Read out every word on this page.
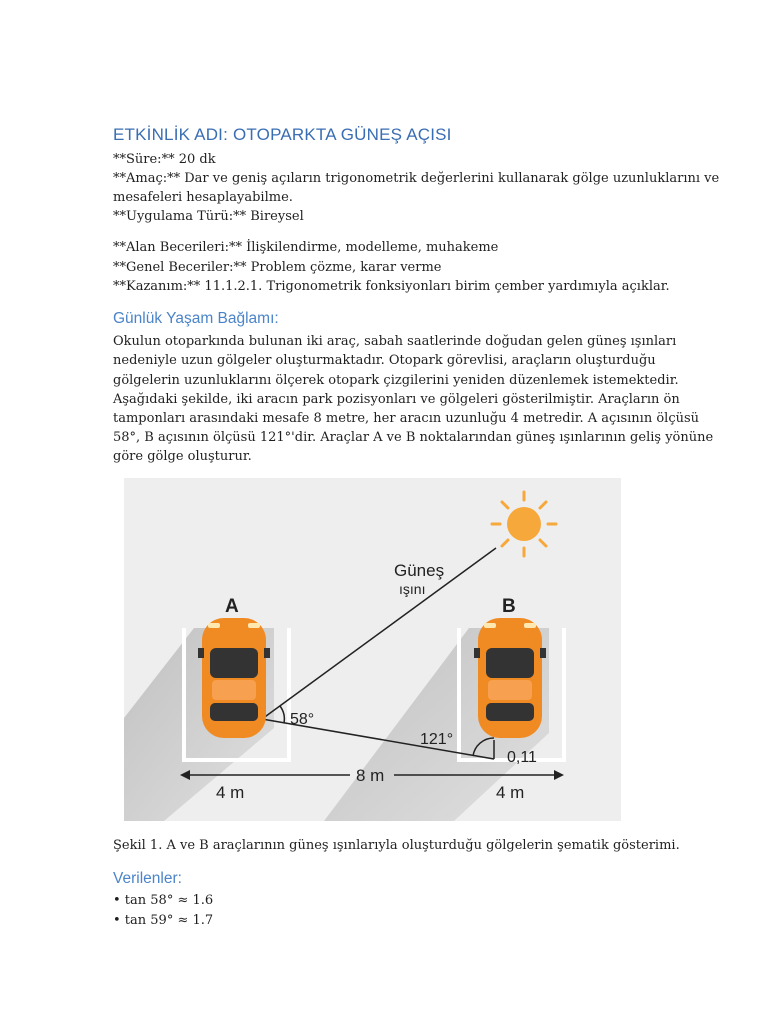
ETKİNLİK ADI: OTOPARKTA GÜNEŞ AÇISI
**Süre:** 20 dk
**Amaç:** Dar ve geniş açıların trigonometrik değerlerini kullanarak gölge uzunluklarını ve
mesafeleri hesaplayabilme.
**Uygulama Türü:** Bireysel
**Alan Becerileri:** İlişkilendirme, modelleme, muhakeme
**Genel Beceriler:** Problem çözme, karar verme
**Kazanım:** 11.1.2.1. Trigonometrik fonksiyonları birim çember yardımıyla açıklar.
Günlük Yaşam Bağlamı:
Okulun otoparkında bulunan iki araç, sabah saatlerinde doğudan gelen güneş ışınları
nedeniyle uzun gölgeler oluşturmaktadır. Otopark görevlisi, araçların oluşturduğu
gölgelerin uzunluklarını ölçerek otopark çizgilerini yeniden düzenlemek istemektedir.
Aşağıdaki şekilde, iki aracın park pozisyonları ve gölgeleri gösterilmiştir. Araçların ön
tamponları arasındaki mesafe 8 metre, her aracın uzunluğu 4 metredir. A açısının ölçüsü
58°, B açısının ölçüsü 121°'dir. Araçlar A ve B noktalarından güneş ışınlarının geliş yönüne
göre gölge oluşturur.
Güneş
ışını
A	B
58°
121°
0,11
8 m
4 m	4 m
Şekil 1. A ve B araçlarının güneş ışınlarıyla oluşturduğu gölgelerin şematik gösterimi.
Verilenler:
• tan 58° ≈ 1.6
• tan 59° ≈ 1.7
